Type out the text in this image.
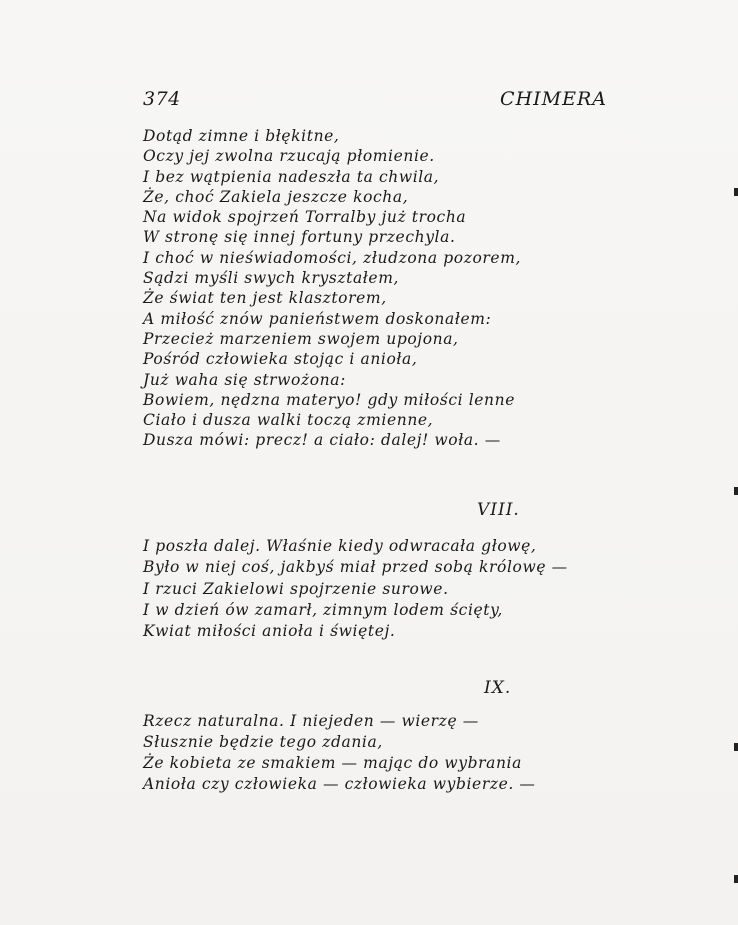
374	CHIMERA
Dotąd zimne i błękitne,
Oczy jej zwolna rzucają płomienie.
I bez wątpienia nadeszła ta chwila,
Że, choć Zakiela jeszcze kocha,
Na widok spojrzeń Torralby już trocha
W stronę się innej fortuny przechyla.
I choć w nieświadomości, złudzona pozorem,
Sądzi myśli swych kryształem,
Że świat ten jest klasztorem,
A miłość znów panieństwem doskonałem:
Przecież marzeniem swojem upojona,
Pośród człowieka stojąc i anioła,
Już waha się strwożona:
Bowiem, nędzna materyo! gdy miłości lenne
Ciało i dusza walki toczą zmienne,
Dusza mówi: precz! a ciało: dalej! woła. —
VIII.
I poszła dalej. Właśnie kiedy odwracała głowę,
Było w niej coś, jakbyś miał przed sobą królowę —
I rzuci Zakielowi spojrzenie surowe.
I w dzień ów zamarł, zimnym lodem ścięty,
Kwiat miłości anioła i świętej.
IX.
Rzecz naturalna. I niejeden — wierzę —
Słusznie będzie tego zdania,
Że kobieta ze smakiem — mając do wybrania
Anioła czy człowieka — człowieka wybierze. —
